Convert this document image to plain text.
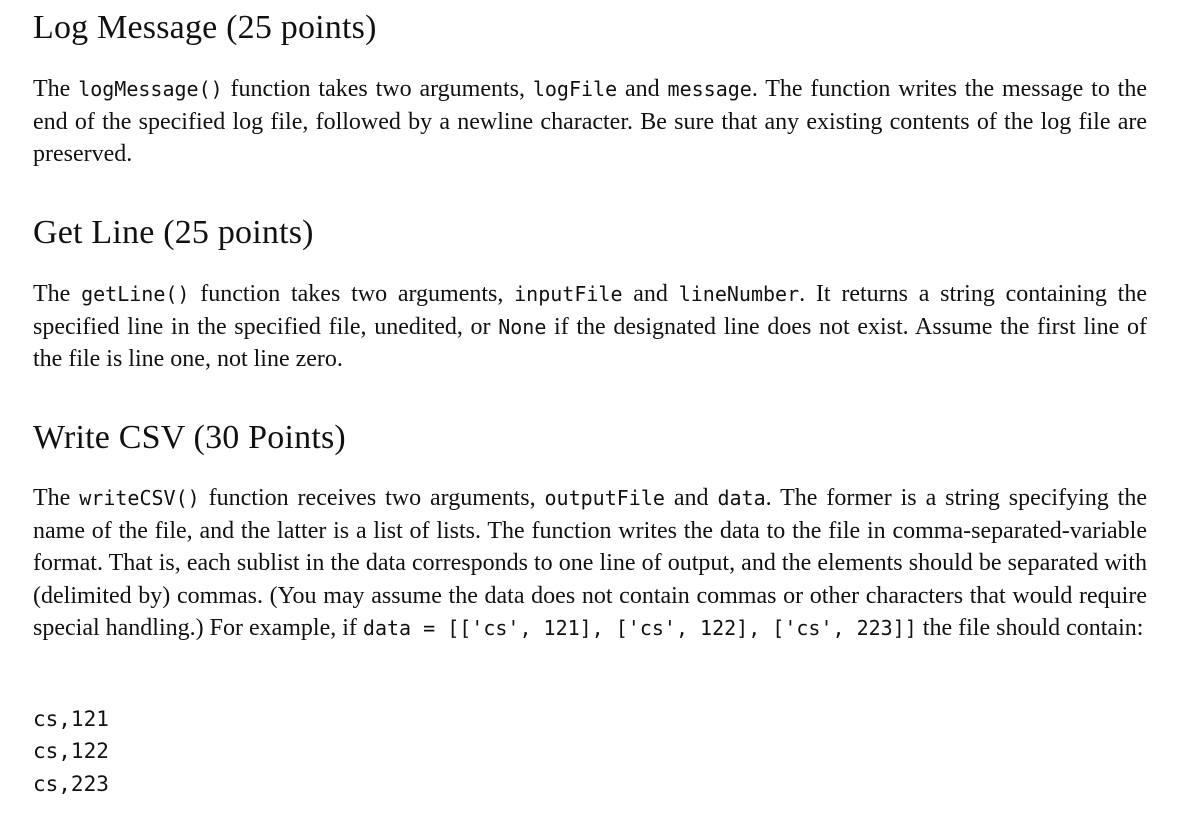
Log Message (25 points)

The logMessage() function takes two arguments, logFile and message. The function writes the message to the end of the specified log file, followed by a newline character. Be sure that any existing contents of the log file are preserved.

Get Line (25 points)

The getLine() function takes two arguments, inputFile and lineNumber. It returns a string containing the specified line in the specified file, unedited, or None if the designated line does not exist. Assume the first line of the file is line one, not line zero.

Write CSV (30 Points)

The writeCSV() function receives two arguments, outputFile and data. The former is a string specifying the name of the file, and the latter is a list of lists. The function writes the data to the file in comma-separated-variable format. That is, each sublist in the data corresponds to one line of output, and the elements should be separated with (delimited by) commas. (You may assume the data does not contain commas or other characters that would require special handling.) For example, if data = [['cs', 121], ['cs', 122], ['cs', 223]] the file should contain:

cs,121
cs,122
cs,223
